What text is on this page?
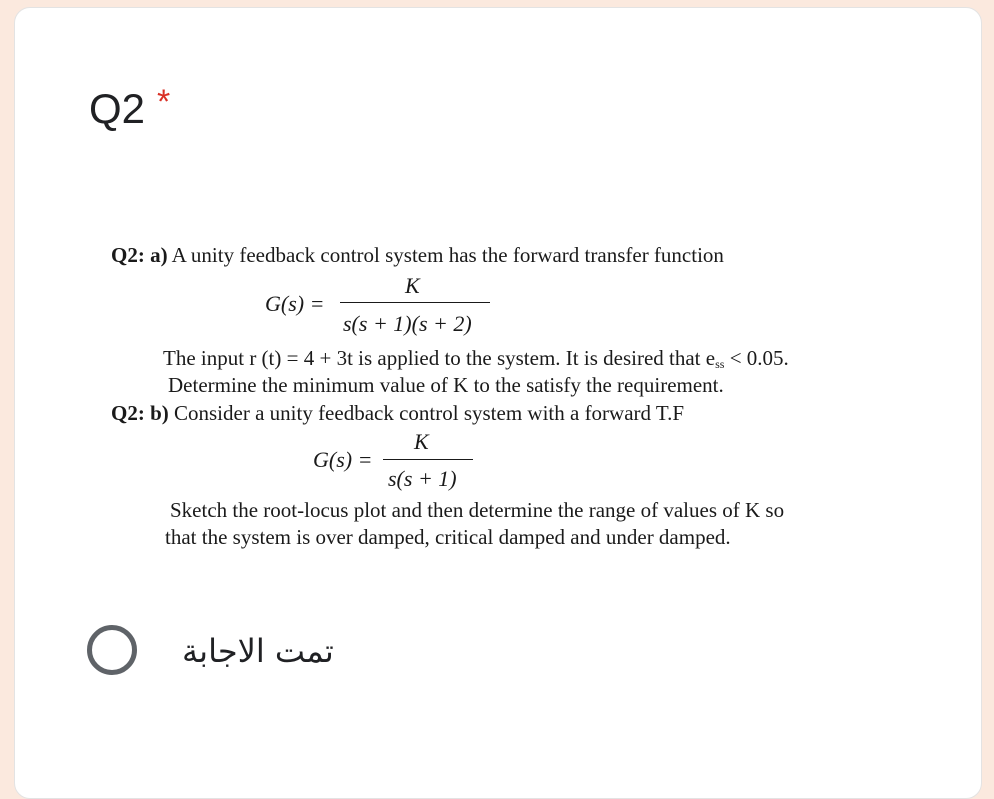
Q2 *
Q2: a) A unity feedback control system has the forward transfer function
G(s) =
K
s(s + 1)(s + 2)
The input r (t) = 4 + 3t is applied to the system. It is desired that $e_{ss} < 0.05$.
Determine the minimum value of K to the satisfy the requirement.
Q2: b) Consider a unity feedback control system with a forward T.F
G(s) =
K
s(s + 1)
Sketch the root-locus plot and then determine the range of values of K so
that the system is over damped, critical damped and under damped.
تمت الاجابة
